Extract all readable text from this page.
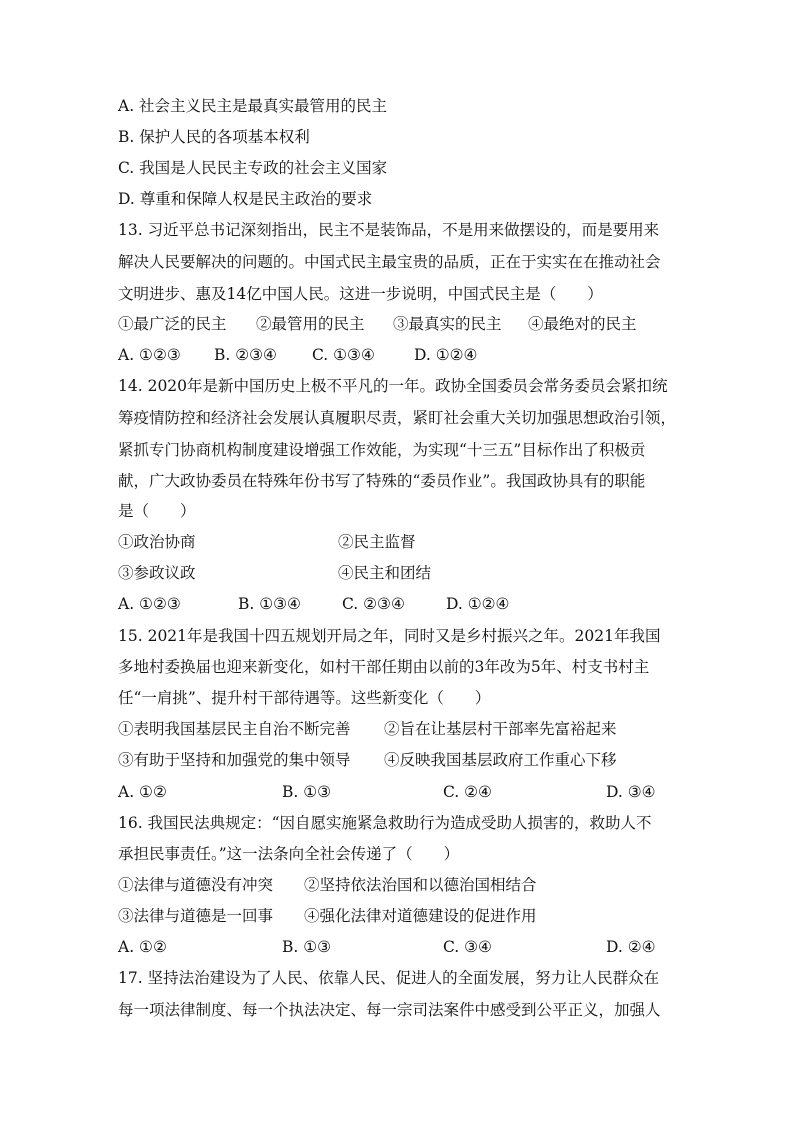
A. 社会主义民主是最真实最管用的民主
B. 保护人民的各项基本权利
C. 我国是人民民主专政的社会主义国家
D. 尊重和保障人权是民主政治的要求
13. 习近平总书记深刻指出，民主不是装饰品，不是用来做摆设的，而是要用来
解决人民要解决的问题的。中国式民主最宝贵的品质，正在于实实在在推动社会
文明进步、惠及14亿中国人民。这进一步说明，中国式民主是（　　）

①最广泛的民主

②最管用的民主

③最真实的民主

④最绝对的民主

A. ①②③

B. ②③④

C. ①③④

	D. ①②④

14. 2020年是新中国历史上极不平凡的一年。政协全国委员会常务委员会紧扣统
筹疫情防控和经济社会发展认真履职尽责，紧盯社会重大关切加强思想政治引领，
紧抓专门协商机构制度建设增强工作效能，为实现“十三五”目标作出了积极贡
献，广大政协委员在特殊年份书写了特殊的“委员作业”。我国政协具有的职能
是（　　）

①政治协商

	②民主监督

③参政议政

	④民主和团结

A. ①②③

	B. ①③④

	C. ②③④

	D. ①②④

15. 2021年是我国十四五规划开局之年，同时又是乡村振兴之年。2021年我国
多地村委换届也迎来新变化，如村干部任期由以前的3年改为5年、村支书村主
任“一肩挑”、提升村干部待遇等。这些新变化（　　）

①表明我国基层民主自治不断完善

②旨在让基层村干部率先富裕起来

③有助于坚持和加强党的集中领导

④反映我国基层政府工作重心下移

A. ①②

	B. ①③

	C. ②④

	D. ③④

16. 我国民法典规定：“因自愿实施紧急救助行为造成受助人损害的，救助人不
承担民事责任。”这一法条向全社会传递了（　　）

①法律与道德没有冲突

②坚持依法治国和以德治国相结合

③法律与道德是一回事

④强化法律对道德建设的促进作用

A. ①②

	B. ①③

	C. ③④

	D. ②④

17. 坚持法治建设为了人民、依靠人民、促进人的全面发展，努力让人民群众在
每一项法律制度、每一个执法决定、每一宗司法案件中感受到公平正义，加强人
